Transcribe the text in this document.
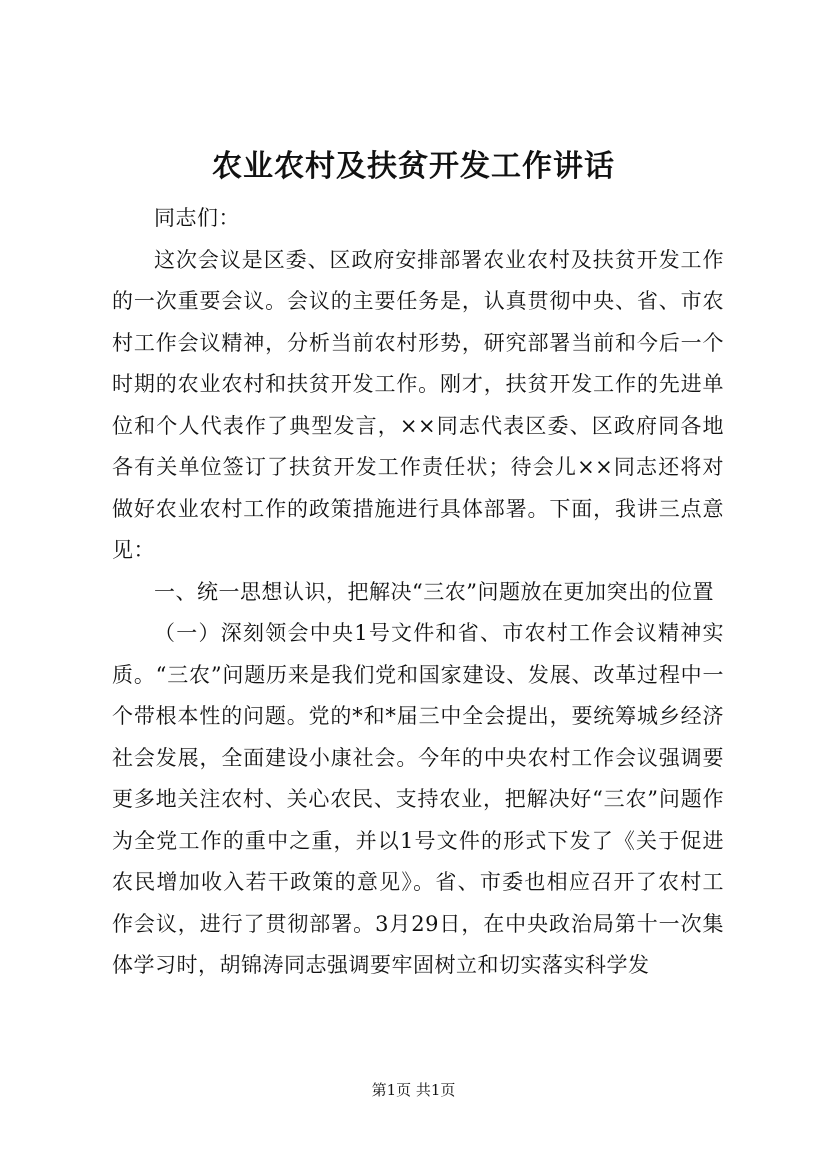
农业农村及扶贫开发工作讲话

同志们：

这次会议是区委、区政府安排部署农业农村及扶贫开发工作的一次重要会议。会议的主要任务是，认真贯彻中央、省、市农村工作会议精神，分析当前农村形势，研究部署当前和今后一个时期的农业农村和扶贫开发工作。刚才，扶贫开发工作的先进单位和个人代表作了典型发言，××同志代表区委、区政府同各地各有关单位签订了扶贫开发工作责任状；待会儿××同志还将对做好农业农村工作的政策措施进行具体部署。下面，我讲三点意见：

一、统一思想认识，把解决“三农”问题放在更加突出的位置

（一）深刻领会中央1号文件和省、市农村工作会议精神实质。“三农”问题历来是我们党和国家建设、发展、改革过程中一个带根本性的问题。党的*和*届三中全会提出，要统筹城乡经济社会发展，全面建设小康社会。今年的中央农村工作会议强调要更多地关注农村、关心农民、支持农业，把解决好“三农”问题作为全党工作的重中之重，并以1号文件的形式下发了《关于促进农民增加收入若干政策的意见》。省、市委也相应召开了农村工作会议，进行了贯彻部署。3月29日，在中央政治局第十一次集体学习时，胡锦涛同志强调要牢固树立和切实落实科学发

第1页 共1页
